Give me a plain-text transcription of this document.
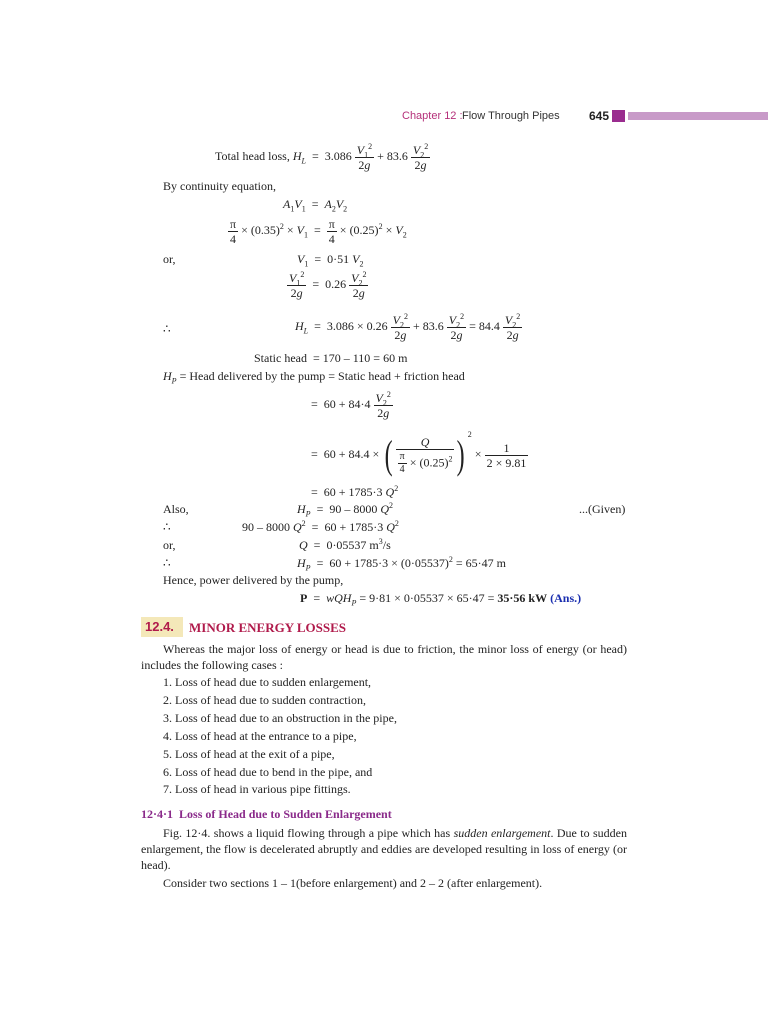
Chapter 12 : Flow Through Pipes 645
Total head loss, $H_L = 3.086 \frac{V_1^2}{2g} + 83.6 \frac{V_2^2}{2g}$
By continuity equation,
$A_1V_1 = A_2V_2$
$\frac{\pi}{4} \times (0.35)^2 \times V_1 = \frac{\pi}{4} \times (0.25)^2 \times V_2$
or,	$V_1 = 0\cdot 51$ $V_2$
$\frac{V_1^2}{2g} = 0.26 \frac{V_2^2}{2g}$
∴	$H_L = 3.086 \times 0.26 \frac{V_2^2}{2g} + 83.6 \frac{V_2^2}{2g} = 84.4 \frac{V_2^2}{2g}$
Static head = 170 – 110 = 60 m
$H_P$ = Head delivered by the pump = Static head + friction head
=  $60 + 84\cdot 4 \frac{V_2^2}{2g}$
=  60 + 84.4 × ( $\frac{Q}{\frac{\pi}{4} \times (0.25)^2}$ ) $^2 \times \frac{1}{2 \times 9.81}$
=  60 + 1785·3 $Q^2$
Also,	$H_P = 90 - 8000$ $Q^2$	...(Given)
∴	90 – 8000 $Q^2 = 60 + 1785\cdot 3$ $Q^2$
or,	Q  =  0·05537 $m^3/s$
∴	$H_P = 60 + 1785\cdot 3 \times (0\cdot 05537)^2 = 65\cdot 47$ m
Hence, power delivered by the pump,
P  =  wQH$_P$ = 9·81 × 0·05537 × 65·47 = 35·56 kW (Ans.)
12.4. MINOR ENERGY LOSSES
Whereas the major loss of energy or head is due to friction, the minor loss of energy (or head) includes the following cases :
1. Loss of head due to sudden enlargement,
2. Loss of head due to sudden contraction,
3. Loss of head due to an obstruction in the pipe,
4. Loss of head at the entrance to a pipe,
5. Loss of head at the exit of a pipe,
6. Loss of head due to bend in the pipe, and
7. Loss of head in various pipe fittings.
12·4·1 Loss of Head due to Sudden Enlargement
Fig. 12·4. shows a liquid flowing through a pipe which has sudden enlargement. Due to sudden enlargement, the flow is decelerated abruptly and eddies are developed resulting in loss of energy (or head).
Consider two sections 1 – 1(before enlargement) and 2 – 2 (after enlargement).
